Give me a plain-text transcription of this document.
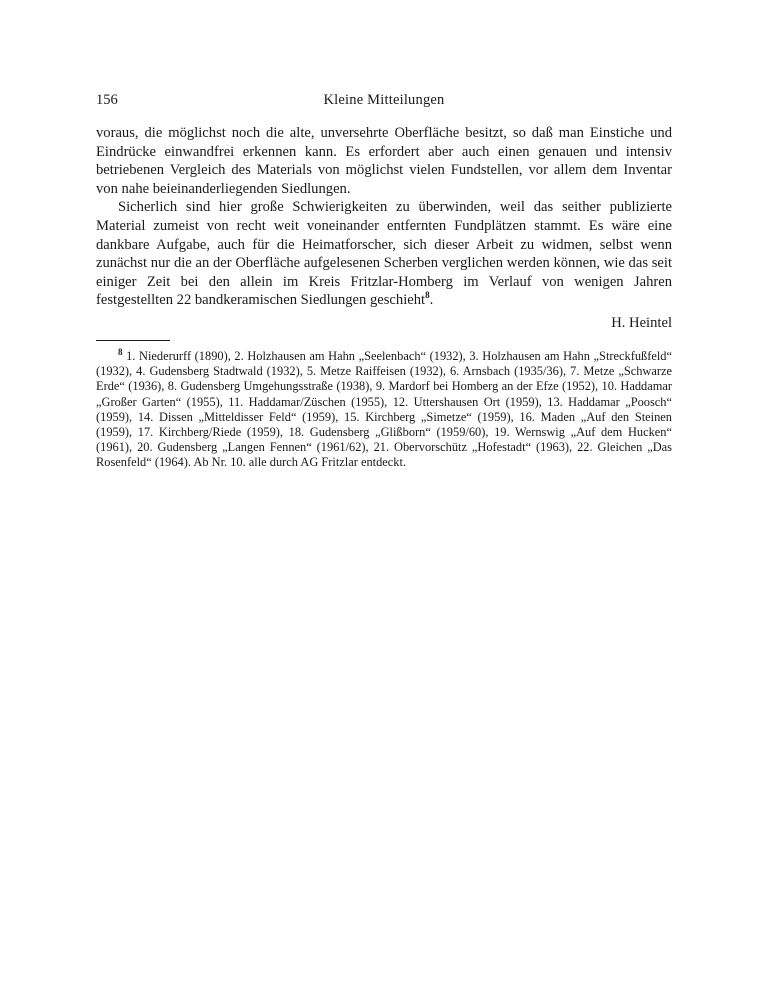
156	Kleine Mitteilungen

voraus, die möglichst noch die alte, unversehrte Oberfläche besitzt, so daß man Einstiche und Eindrücke einwandfrei erkennen kann. Es erfordert aber auch einen genauen und intensiv betriebenen Vergleich des Materials von möglichst vielen Fundstellen, vor allem dem Inventar von nahe beieinanderliegenden Siedlungen.

Sicherlich sind hier große Schwierigkeiten zu überwinden, weil das seither publizierte Material zumeist von recht weit voneinander entfernten Fundplätzen stammt. Es wäre eine dankbare Aufgabe, auch für die Heimatforscher, sich dieser Arbeit zu widmen, selbst wenn zunächst nur die an der Oberfläche aufgelesenen Scherben verglichen werden können, wie das seit einiger Zeit bei den allein im Kreis Fritzlar-Homberg im Verlauf von wenigen Jahren festgestellten 22 bandkeramischen Siedlungen geschieht$^8$.

H. Heintel

$^8$ 1. Niederurff (1890), 2. Holzhausen am Hahn „Seelenbach“ (1932), 3. Holzhausen am Hahn „Streckfußfeld“ (1932), 4. Gudensberg Stadtwald (1932), 5. Metze Raiffeisen (1932), 6. Arnsbach (1935/36), 7. Metze „Schwarze Erde“ (1936), 8. Gudensberg Umgehungsstraße (1938), 9. Mardorf bei Homberg an der Efze (1952), 10. Haddamar „Großer Garten“ (1955), 11. Haddamar/Züschen (1955), 12. Uttershausen Ort (1959), 13. Haddamar „Poosch“ (1959), 14. Dissen „Mitteldisser Feld“ (1959), 15. Kirchberg „Simetze“ (1959), 16. Maden „Auf den Steinen (1959), 17. Kirchberg/Riede (1959), 18. Gudensberg „Glißborn“ (1959/60), 19. Wernswig „Auf dem Hucken“ (1961), 20. Gudensberg „Langen Fennen“ (1961/62), 21. Obervorschütz „Hofestadt“ (1963), 22. Gleichen „Das Rosenfeld“ (1964). Ab Nr. 10. alle durch AG Fritzlar entdeckt.
